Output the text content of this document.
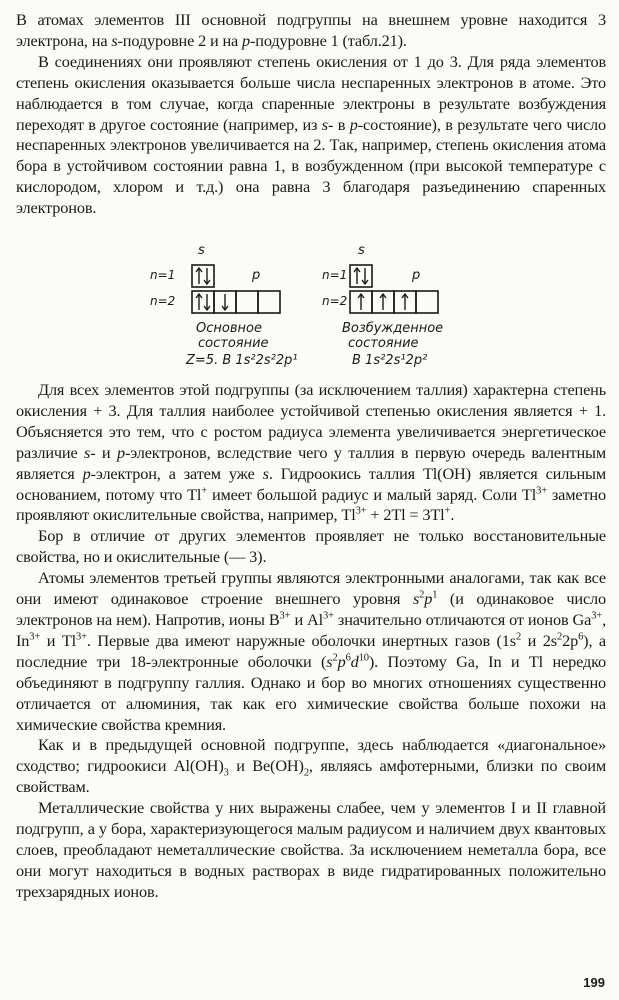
В атомах элементов III основной подгруппы на внешнем уровне находится 3 электрона, на s-подуровне 2 и на p-подуровне 1 (табл.21).

В соединениях они проявляют степень окисления от 1 до 3. Для ряда элементов степень окисления оказывается больше числа неспаренных электронов в атоме. Это наблюдается в том случае, когда спаренные электроны в результате возбуждения переходят в другое состояние (например, из s- в p-состояние), в результате чего число неспаренных электронов увеличивается на 2. Так, например, степень окисления атома бора в устойчивом состоянии равна 1, в возбужденном (при высокой температуре с кислородом, хлором и т.д.) она равна 3 благодаря разъединению спаренных электронов.

s
n=1
n=2
p
Основное
состояние
Z=5. B 1s²2s²2p¹
s
n=1
n=2
p
Возбужденное
состояние
B 1s²2s¹2p²

Для всех элементов этой подгруппы (за исключением таллия) характерна степень окисления + 3. Для таллия наиболее устойчивой степенью окисления является + 1. Объясняется это тем, что с ростом радиуса элемента увеличивается энергетическое различие s- и p-электронов, вследствие чего у таллия в первую очередь валентным является p-электрон, а затем уже s. Гидроокись таллия Tl(OH) является сильным основанием, потому что Tl+ имеет большой радиус и малый заряд. Соли $Tl^{3+}$ заметно проявляют окислительные свойства, например, $Tl^{3+} + 2Tl = 3Tl^+$.

Бор в отличие от других элементов проявляет не только восстановительные свойства, но и окислительные (— 3).

Атомы элементов третьей группы являются электронными аналогами, так как все они имеют одинаковое строение внешнего уровня $s^2p^1$ (и одинаковое число электронов на нем). Напротив, ионы $B^{3+}$ и $Al^{3+}$ значительно отличаются от ионов $Ga^{3+}$, $In^{3+}$ и $Tl^{3+}$. Первые два имеют наружные оболочки инертных газов ($1s^2$ и $2s^22p^6$), а последние три 18-электронные оболочки $(s^2p^6d^{10})$. Поэтому Ga, In и Tl нередко объединяют в подгруппу галлия. Однако и бор во многих отношениях существенно отличается от алюминия, так как его химические свойства больше похожи на химические свойства кремния.

Как и в предыдущей основной подгруппе, здесь наблюдается «диагональное» сходство; гидроокиси $Al(OH)_3$ и $Be(OH)_2$, являясь амфотерными, близки по своим свойствам.

Металлические свойства у них выражены слабее, чем у элементов I и II главной подгрупп, а у бора, характеризующегося малым радиусом и наличием двух квантовых слоев, преобладают неметаллические свойства. За исключением неметалла бора, все они могут находиться в водных растворах в виде гидратированных положительно трехзарядных ионов.

199
